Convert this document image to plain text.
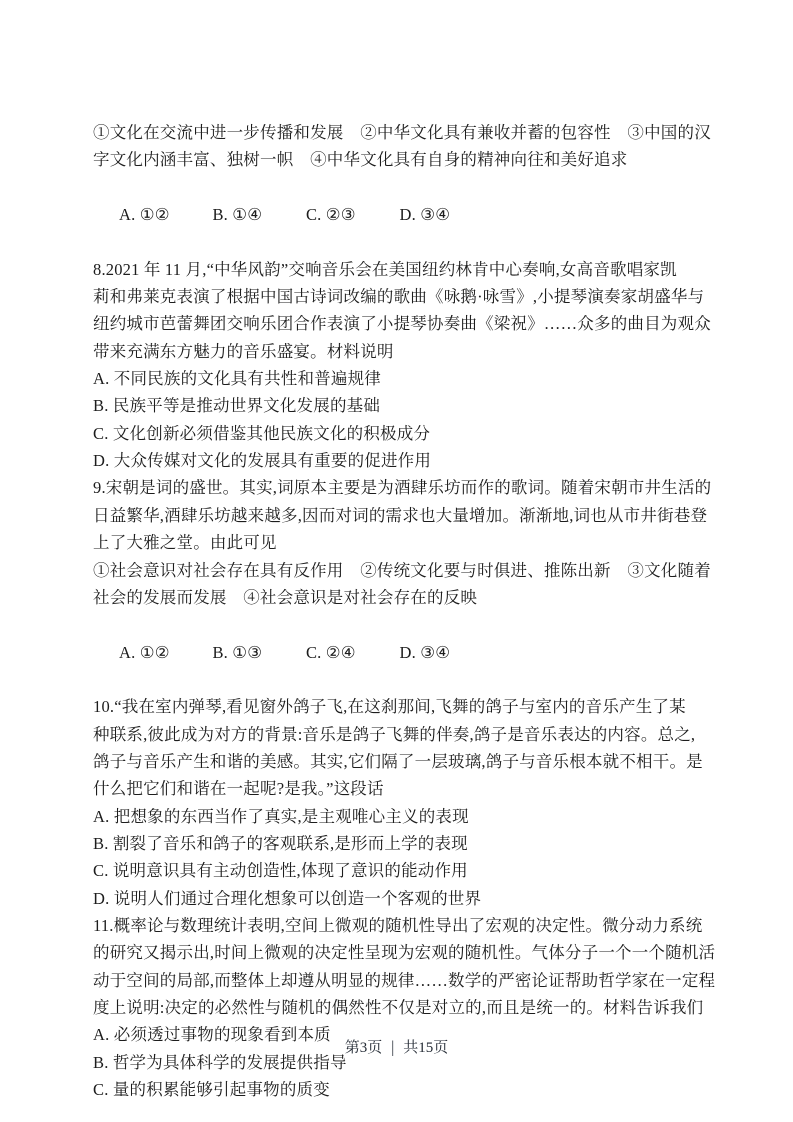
①文化在交流中进一步传播和发展　②中华文化具有兼收并蓄的包容性　③中国的汉
字文化内涵丰富、独树一帜　④中华文化具有自身的精神向往和美好追求

A. ①②	B. ①④	C. ②③	D. ③④

8.2021 年 11 月,“中华风韵”交响音乐会在美国纽约林肯中心奏响,女高音歌唱家凯
莉和弗莱克表演了根据中国古诗词改编的歌曲《咏鹅·咏雪》,小提琴演奏家胡盛华与
纽约城市芭蕾舞团交响乐团合作表演了小提琴协奏曲《梁祝》……众多的曲目为观众
带来充满东方魅力的音乐盛宴。材料说明
A. 不同民族的文化具有共性和普遍规律
B. 民族平等是推动世界文化发展的基础
C. 文化创新必须借鉴其他民族文化的积极成分
D. 大众传媒对文化的发展具有重要的促进作用
9.宋朝是词的盛世。其实,词原本主要是为酒肆乐坊而作的歌词。随着宋朝市井生活的
日益繁华,酒肆乐坊越来越多,因而对词的需求也大量增加。渐渐地,词也从市井街巷登
上了大雅之堂。由此可见
①社会意识对社会存在具有反作用　②传统文化要与时俱进、推陈出新　③文化随着
社会的发展而发展　④社会意识是对社会存在的反映

A. ①②	B. ①③	C. ②④	D. ③④

10.“我在室内弹琴,看见窗外鸽子飞,在这刹那间,飞舞的鸽子与室内的音乐产生了某
种联系,彼此成为对方的背景:音乐是鸽子飞舞的伴奏,鸽子是音乐表达的内容。总之,
鸽子与音乐产生和谐的美感。其实,它们隔了一层玻璃,鸽子与音乐根本就不相干。是
什么把它们和谐在一起呢?是我。”这段话
A. 把想象的东西当作了真实,是主观唯心主义的表现
B. 割裂了音乐和鸽子的客观联系,是形而上学的表现
C. 说明意识具有主动创造性,体现了意识的能动作用
D. 说明人们通过合理化想象可以创造一个客观的世界
11.概率论与数理统计表明,空间上微观的随机性导出了宏观的决定性。微分动力系统
的研究又揭示出,时间上微观的决定性呈现为宏观的随机性。气体分子一个一个随机活
动于空间的局部,而整体上却遵从明显的规律……数学的严密论证帮助哲学家在一定程
度上说明:决定的必然性与随机的偶然性不仅是对立的,而且是统一的。材料告诉我们
A. 必须透过事物的现象看到本质
B. 哲学为具体科学的发展提供指导
C. 量的积累能够引起事物的质变
第3页 | 共15页
